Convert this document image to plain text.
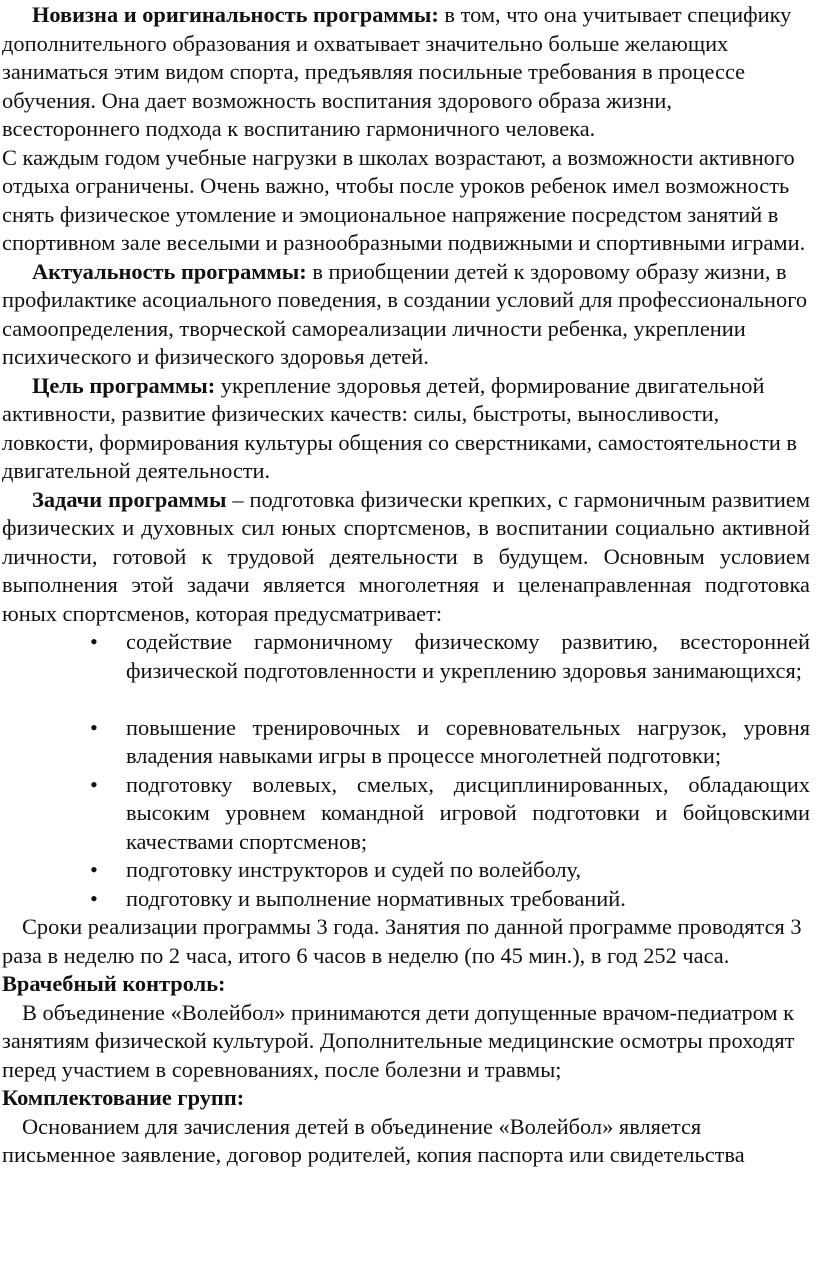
Новизна и оригинальность программы: в том, что она учитывает специфику дополнительного образования и охватывает значительно больше желающих заниматься этим видом спорта, предъявляя посильные требования в процессе обучения. Она дает возможность воспитания здорового образа жизни, всестороннего подхода к воспитанию гармоничного человека.

С каждым годом учебные нагрузки в школах возрастают, а возможности активного отдыха ограничены. Очень важно, чтобы после уроков ребенок имел возможность снять физическое утомление и эмоциональное напряжение посредстом занятий в спортивном зале веселыми и разнообразными подвижными и спортивными играми.

Актуальность программы: в приобщении детей к здоровому образу жизни, в профилактике асоциального поведения, в создании условий для профессионального самоопределения, творческой самореализации личности ребенка, укреплении психического и физического здоровья детей.

Цель программы: укрепление здоровья детей, формирование двигательной активности, развитие физических качеств: силы, быстроты, выносливости, ловкости, формирования культуры общения со сверстниками, самостоятельности в двигательной деятельности.

Задачи программы – подготовка физически крепких, с гармоничным развитием физических и духовных сил юных спортсменов, в воспитании социально активной личности, готовой к трудовой деятельности в будущем. Основным условием выполнения этой задачи является многолетняя и целенаправленная подготовка юных спортсменов, которая предусматривает:

• содействие гармоничному физическому развитию, всесторонней физической подготовленности и укреплению здоровья занимающихся;
• повышение тренировочных и соревновательных нагрузок, уровня владения навыками игры в процессе многолетней подготовки;
• подготовку волевых, смелых, дисциплинированных, обладающих высоким уровнем командной игровой подготовки и бойцовскими качествами спортсменов;
• подготовку инструкторов и судей по волейболу,
• подготовку и выполнение нормативных требований.

Сроки реализации программы 3 года. Занятия по данной программе проводятся 3 раза в неделю по 2 часа, итого 6 часов в неделю (по 45 мин.), в год 252 часа.

Врачебный контроль:

В объединение «Волейбол» принимаются дети допущенные врачом-педиатром к занятиям физической культурой. Дополнительные медицинские осмотры проходят перед участием в соревнованиях, после болезни и травмы;

Комплектование групп:

Основанием для зачисления детей в объединение «Волейбол» является письменное заявление, договор родителей, копия паспорта или свидетельства
